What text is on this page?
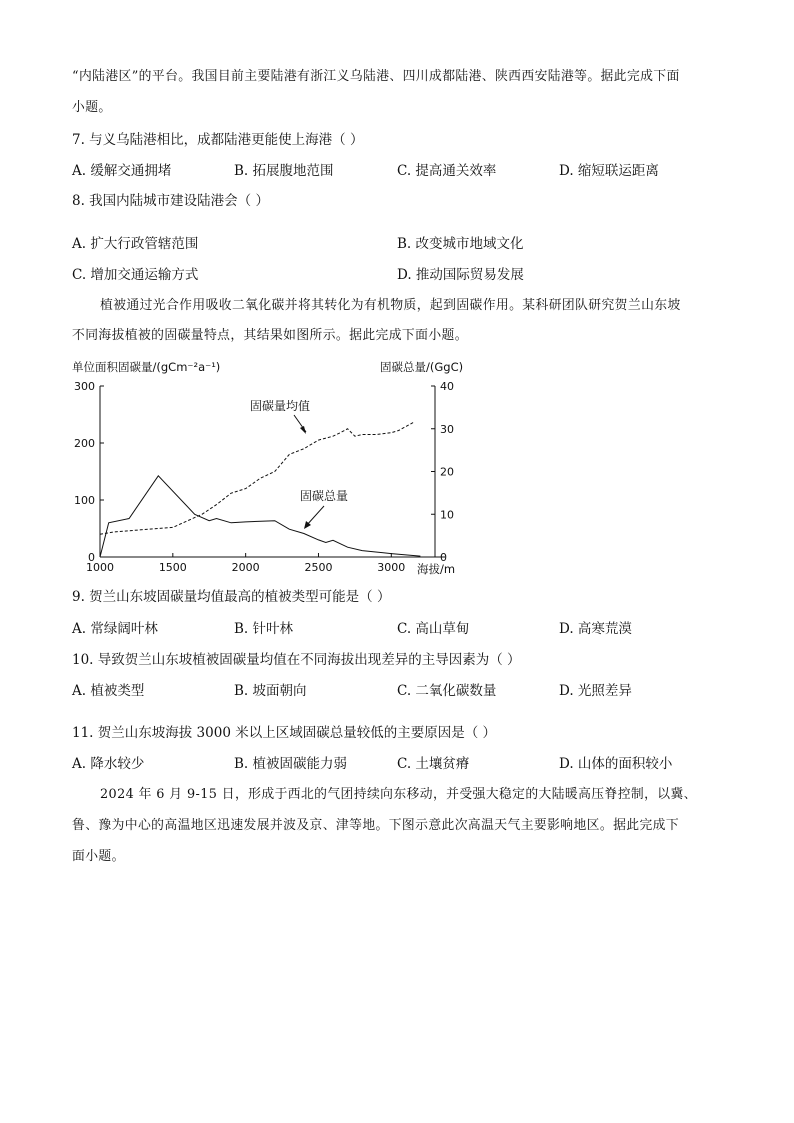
“内陆港区”的平台。我国目前主要陆港有浙江义乌陆港、四川成都陆港、陕西西安陆港等。据此完成下面
小题。
7. 与义乌陆港相比，成都陆港更能使上海港（ ）
A. 缓解交通拥堵	B. 拓展腹地范围	C. 提高通关效率	D. 缩短联运距离
8. 我国内陆城市建设陆港会（ ）
A. 扩大行政管辖范围	B. 改变城市地域文化
C. 增加交通运输方式	D. 推动国际贸易发展
植被通过光合作用吸收二氧化碳并将其转化为有机物质，起到固碳作用。某科研团队研究贺兰山东坡
不同海拔植被的固碳量特点，其结果如图所示。据此完成下面小题。
0
100
200
300
0
10
20
30
40
1000	1500	2000	2500	3000
单位面积固碳量/(gCm⁻²a⁻¹)	固碳总量/(GgC)
海拔/m
固碳量均值
固碳总量
9. 贺兰山东坡固碳量均值最高的植被类型可能是（ ）
A. 常绿阔叶林	B. 针叶林	C. 高山草甸	D. 高寒荒漠
10. 导致贺兰山东坡植被固碳量均值在不同海拔出现差异的主导因素为（ ）
A. 植被类型	B. 坡面朝向	C. 二氧化碳数量	D. 光照差异
11. 贺兰山东坡海拔 3000 米以上区域固碳总量较低的主要原因是（ ）
A. 降水较少	B. 植被固碳能力弱	C. 土壤贫瘠	D. 山体的面积较小
2024 年 6 月 9-15 日，形成于西北的气团持续向东移动，并受强大稳定的大陆暖高压脊控制，以冀、
鲁、豫为中心的高温地区迅速发展并波及京、津等地。下图示意此次高温天气主要影响地区。据此完成下
面小题。
